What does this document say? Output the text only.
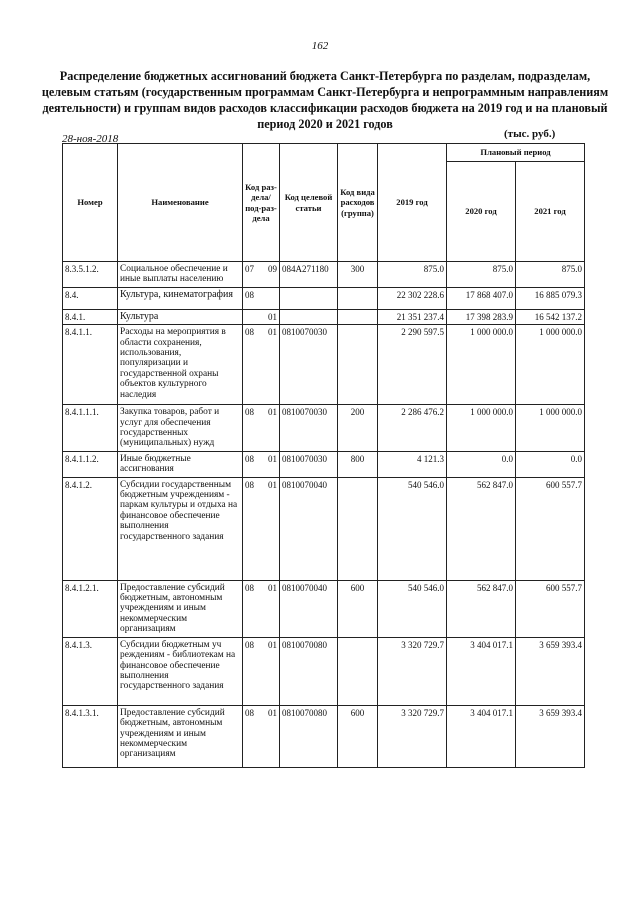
162
Распределение бюджетных ассигнований бюджета Санкт-Петербурга по разделам, подразделам, целевым статьям (государственным программам Санкт-Петербурга и непрограммным направлениям деятельности) и группам видов расходов классификации расходов бюджета на 2019 год и на плановый период 2020 и 2021 годов
28-ноя-2018	(тыс. руб.)
Номер	Наименование	Код раз-дела/ под-раз-дела	Код целевой статьи	Код вида расходов (группа)	2019 год	Плановый период	
						2020 год	2021 год
8.3.5.1.2.	Социальное обеспечение и иные выплаты населению	07 09	084А271180	300	875.0	875.0	875.0
8.4.	Культура, кинематография	08			22 302 228.6	17 868 407.0	16 885 079.3
8.4.1.	Культура	01			21 351 237.4	17 398 283.9	16 542 137.2
8.4.1.1.	Расходы на мероприятия в области сохранения, использования, популяризации и государственной охраны объектов культурного наследия	08 01	0810070030		2 290 597.5	1 000 000.0	1 000 000.0
8.4.1.1.1.	Закупка товаров, работ и услуг для обеспечения государственных (муниципальных) нужд	08 01	0810070030	200	2 286 476.2	1 000 000.0	1 000 000.0
8.4.1.1.2.	Иные бюджетные ассигнования	08 01	0810070030	800	4 121.3	0.0	0.0
8.4.1.2.	Субсидии государственным бюджетным учреждениям - паркам культуры и отдыха на финансовое обеспечение выполнения государственного задания	08 01	0810070040		540 546.0	562 847.0	600 557.7
8.4.1.2.1.	Предоставление субсидий бюджетным, автономным учреждениям и иным некоммерческим организациям	08 01	0810070040	600	540 546.0	562 847.0	600 557.7
8.4.1.3.	Субсидии бюджетным уч реждениям - библиотекам на финансовое обеспечение выполнения государственного задания	08 01	0810070080		3 320 729.7	3 404 017.1	3 659 393.4
8.4.1.3.1.	Предоставление субсидий бюджетным, автономным учреждениям и иным некоммерческим организациям	08 01	0810070080	600	3 320 729.7	3 404 017.1	3 659 393.4
